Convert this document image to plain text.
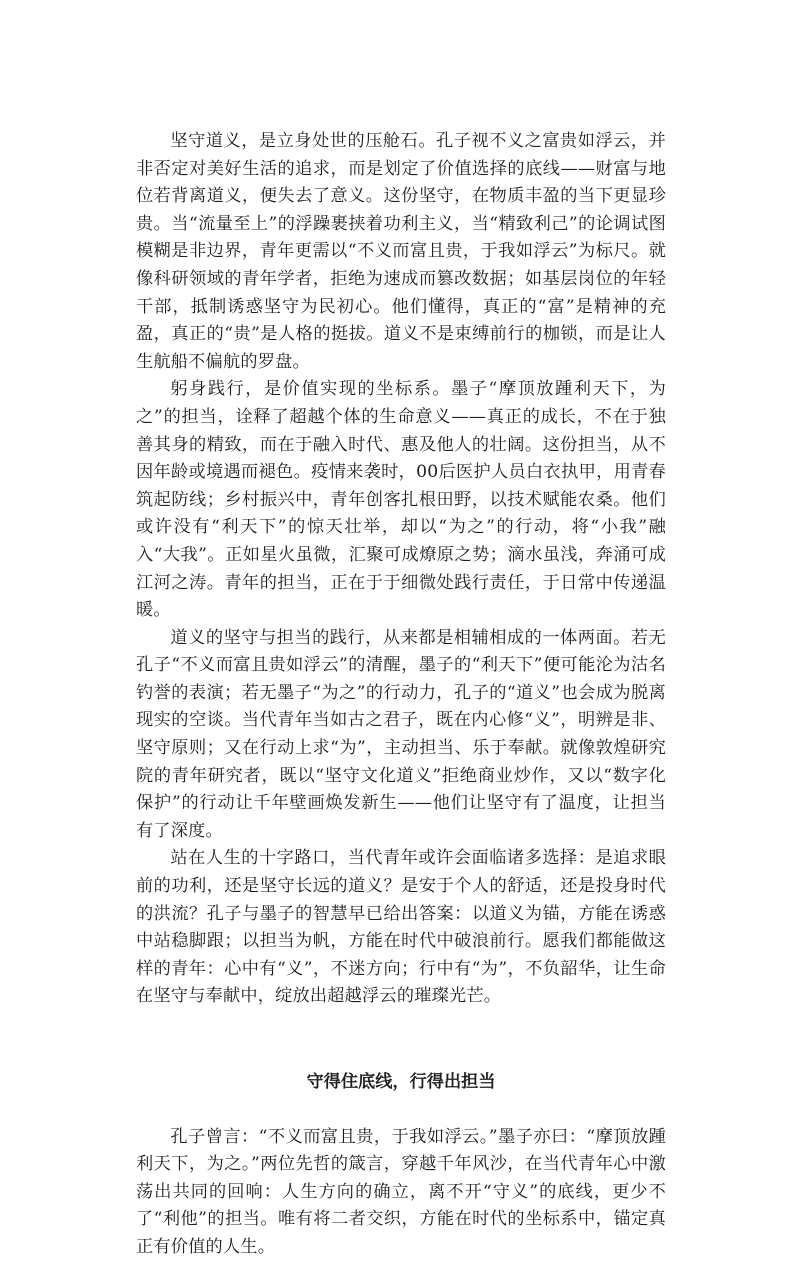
坚守道义，是立身处世的压舱石。孔子视不义之富贵如浮云，并非否定对美好生活的追求，而是划定了价值选择的底线——财富与地位若背离道义，便失去了意义。这份坚守，在物质丰盈的当下更显珍贵。当“流量至上”的浮躁裹挟着功利主义，当“精致利己”的论调试图模糊是非边界，青年更需以“不义而富且贵，于我如浮云”为标尺。就像科研领域的青年学者，拒绝为速成而篡改数据；如基层岗位的年轻干部，抵制诱惑坚守为民初心。他们懂得，真正的“富”是精神的充盈，真正的“贵”是人格的挺拔。道义不是束缚前行的枷锁，而是让人生航船不偏航的罗盘。

躬身践行，是价值实现的坐标系。墨子“摩顶放踵利天下，为之”的担当，诠释了超越个体的生命意义——真正的成长，不在于独善其身的精致，而在于融入时代、惠及他人的壮阔。这份担当，从不因年龄或境遇而褪色。疫情来袭时，00后医护人员白衣执甲，用青春筑起防线；乡村振兴中，青年创客扎根田野，以技术赋能农桑。他们或许没有“利天下”的惊天壮举，却以“为之”的行动，将“小我”融入“大我”。正如星火虽微，汇聚可成燎原之势；滴水虽浅，奔涌可成江河之涛。青年的担当，正在于于细微处践行责任，于日常中传递温暖。

道义的坚守与担当的践行，从来都是相辅相成的一体两面。若无孔子“不义而富且贵如浮云”的清醒，墨子的“利天下”便可能沦为沽名钓誉的表演；若无墨子“为之”的行动力，孔子的“道义”也会成为脱离现实的空谈。当代青年当如古之君子，既在内心修“义”，明辨是非、坚守原则；又在行动上求“为”，主动担当、乐于奉献。就像敦煌研究院的青年研究者，既以“坚守文化道义”拒绝商业炒作，又以“数字化保护”的行动让千年壁画焕发新生——他们让坚守有了温度，让担当有了深度。

站在人生的十字路口，当代青年或许会面临诸多选择：是追求眼前的功利，还是坚守长远的道义？是安于个人的舒适，还是投身时代的洪流？孔子与墨子的智慧早已给出答案：以道义为锚，方能在诱惑中站稳脚跟；以担当为帆，方能在时代中破浪前行。愿我们都能做这样的青年：心中有“义”，不迷方向；行中有“为”，不负韶华，让生命在坚守与奉献中，绽放出超越浮云的璀璨光芒。

守得住底线，行得出担当

孔子曾言：“不义而富且贵，于我如浮云。”墨子亦曰：“摩顶放踵利天下，为之。”两位先哲的箴言，穿越千年风沙，在当代青年心中激荡出共同的回响：人生方向的确立，离不开“守义”的底线，更少不了“利他”的担当。唯有将二者交织，方能在时代的坐标系中，锚定真正有价值的人生。
